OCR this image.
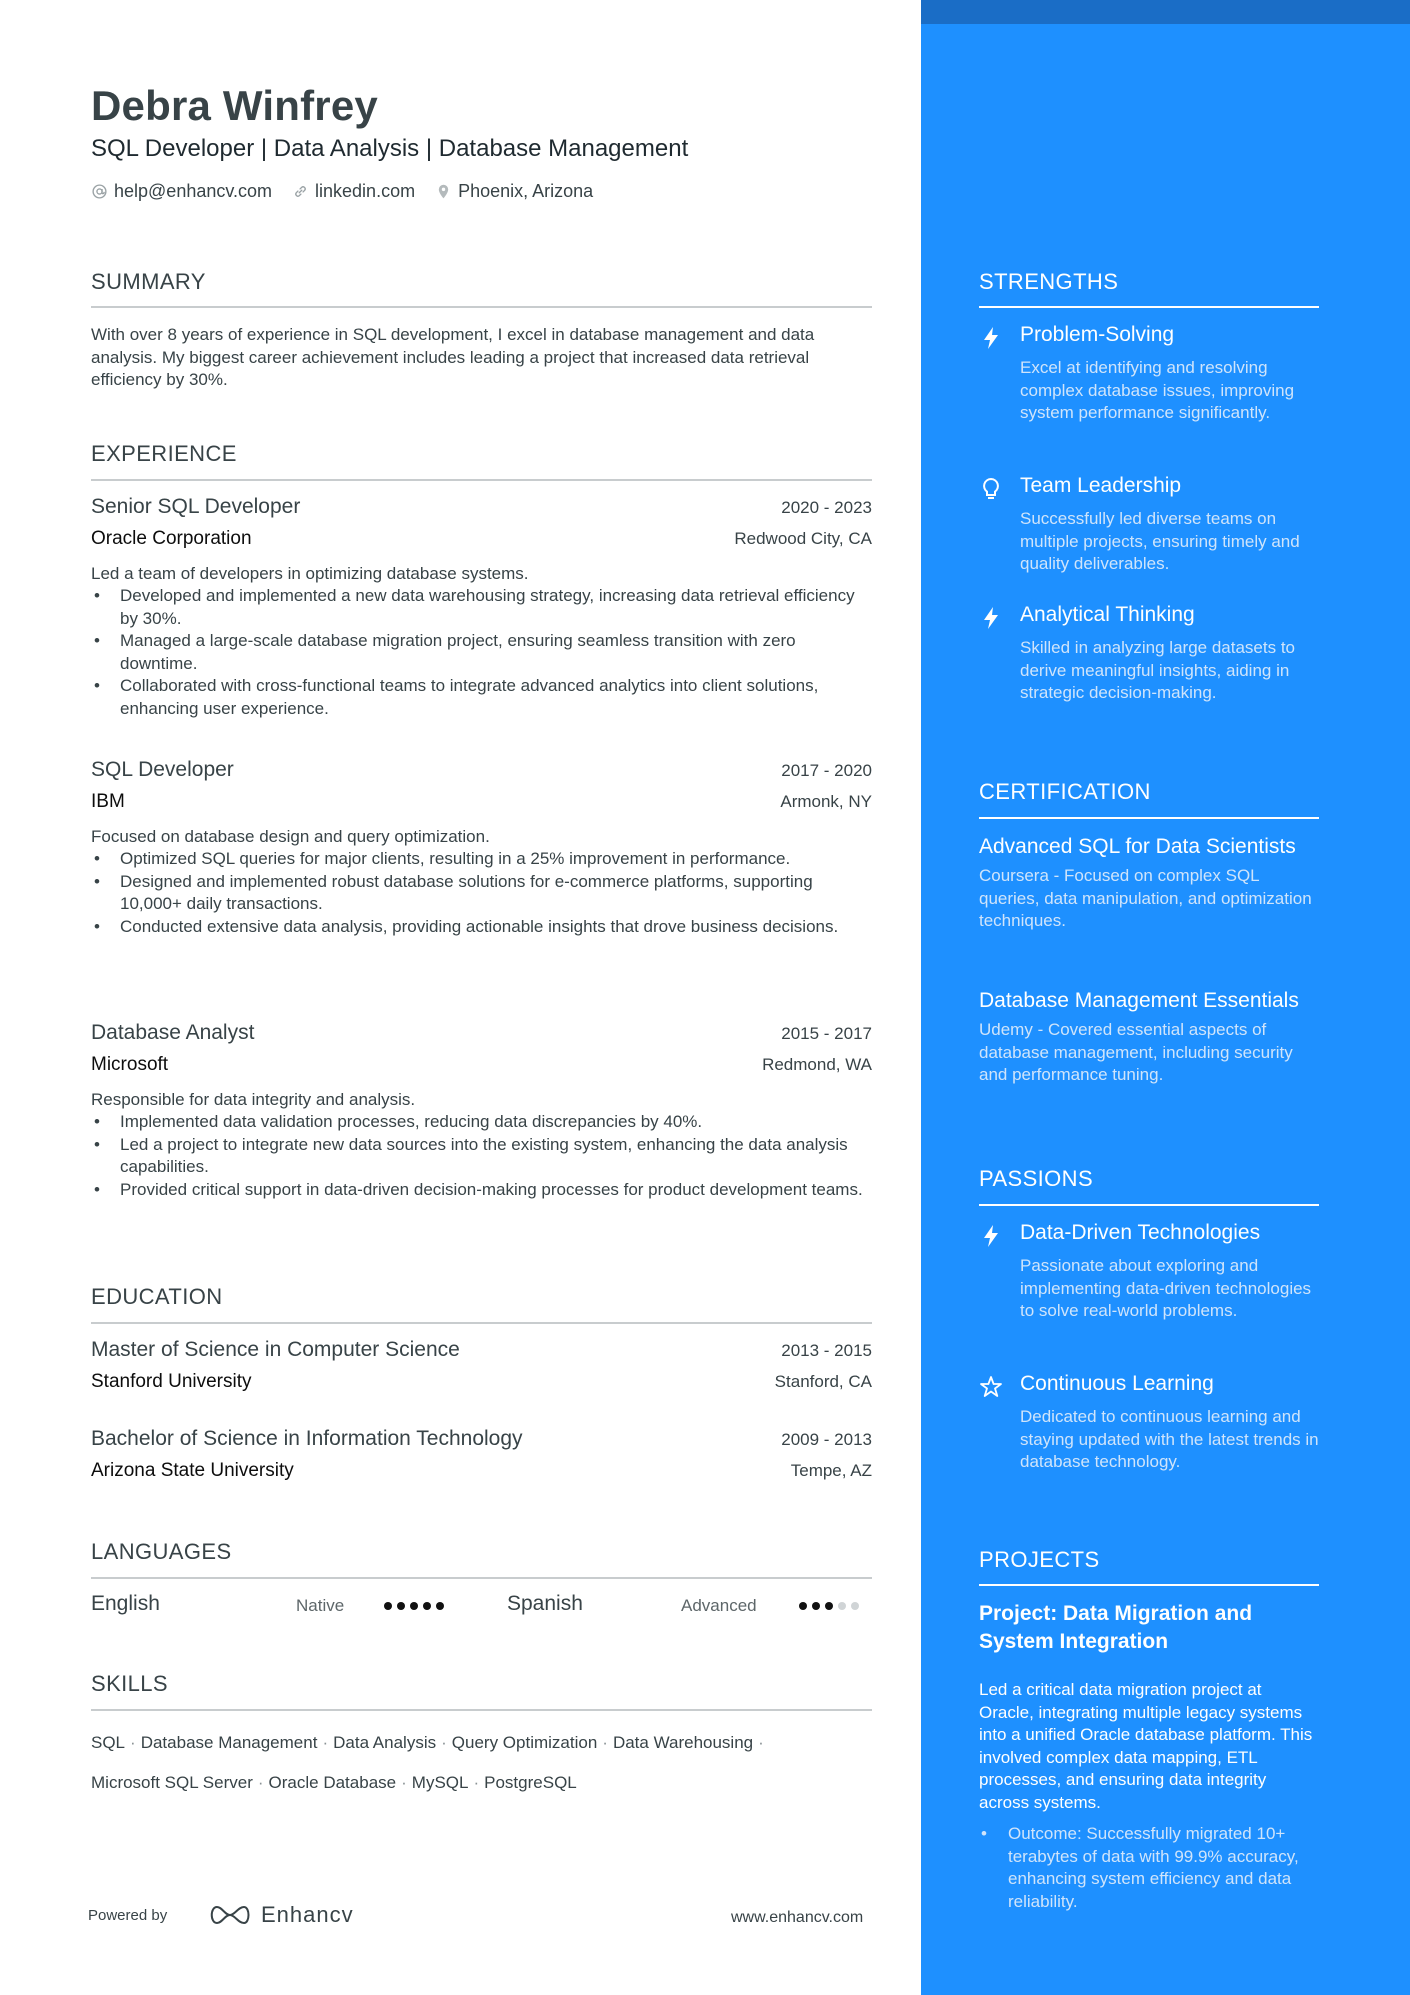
Debra Winfrey
SQL Developer | Data Analysis | Database Management
help@enhancv.com linkedin.com Phoenix, Arizona
SUMMARY
With over 8 years of experience in SQL development, I excel in database management and data analysis. My biggest career achievement includes leading a project that increased data retrieval efficiency by 30%.
EXPERIENCE
Senior SQL Developer	2020 - 2023
Oracle Corporation	Redwood City, CA
Led a team of developers in optimizing database systems.
• Developed and implemented a new data warehousing strategy, increasing data retrieval efficiency by 30%.
• Managed a large-scale database migration project, ensuring seamless transition with zero downtime.
• Collaborated with cross-functional teams to integrate advanced analytics into client solutions, enhancing user experience.
SQL Developer	2017 - 2020
IBM	Armonk, NY
Focused on database design and query optimization.
• Optimized SQL queries for major clients, resulting in a 25% improvement in performance.
• Designed and implemented robust database solutions for e-commerce platforms, supporting 10,000+ daily transactions.
• Conducted extensive data analysis, providing actionable insights that drove business decisions.
Database Analyst	2015 - 2017
Microsoft	Redmond, WA
Responsible for data integrity and analysis.
• Implemented data validation processes, reducing data discrepancies by 40%.
• Led a project to integrate new data sources into the existing system, enhancing the data analysis capabilities.
• Provided critical support in data-driven decision-making processes for product development teams.
EDUCATION
Master of Science in Computer Science	2013 - 2015
Stanford University	Stanford, CA
Bachelor of Science in Information Technology	2009 - 2013
Arizona State University	Tempe, AZ
LANGUAGES
English	Native	Spanish	Advanced
SKILLS
SQL · Database Management · Data Analysis · Query Optimization · Data Warehousing ·
Microsoft SQL Server · Oracle Database · MySQL · PostgreSQL
Powered by	Enhancv	www.enhancv.com
STRENGTHS
Problem-Solving
Excel at identifying and resolving complex database issues, improving system performance significantly.
Team Leadership
Successfully led diverse teams on multiple projects, ensuring timely and quality deliverables.
Analytical Thinking
Skilled in analyzing large datasets to derive meaningful insights, aiding in strategic decision-making.
CERTIFICATION
Advanced SQL for Data Scientists
Coursera - Focused on complex SQL queries, data manipulation, and optimization techniques.
Database Management Essentials
Udemy - Covered essential aspects of database management, including security and performance tuning.
PASSIONS
Data-Driven Technologies
Passionate about exploring and implementing data-driven technologies to solve real-world problems.
Continuous Learning
Dedicated to continuous learning and staying updated with the latest trends in database technology.
PROJECTS
Project: Data Migration and System Integration
Led a critical data migration project at Oracle, integrating multiple legacy systems into a unified Oracle database platform. This involved complex data mapping, ETL processes, and ensuring data integrity across systems.
• Outcome: Successfully migrated 10+ terabytes of data with 99.9% accuracy, enhancing system efficiency and data reliability.
